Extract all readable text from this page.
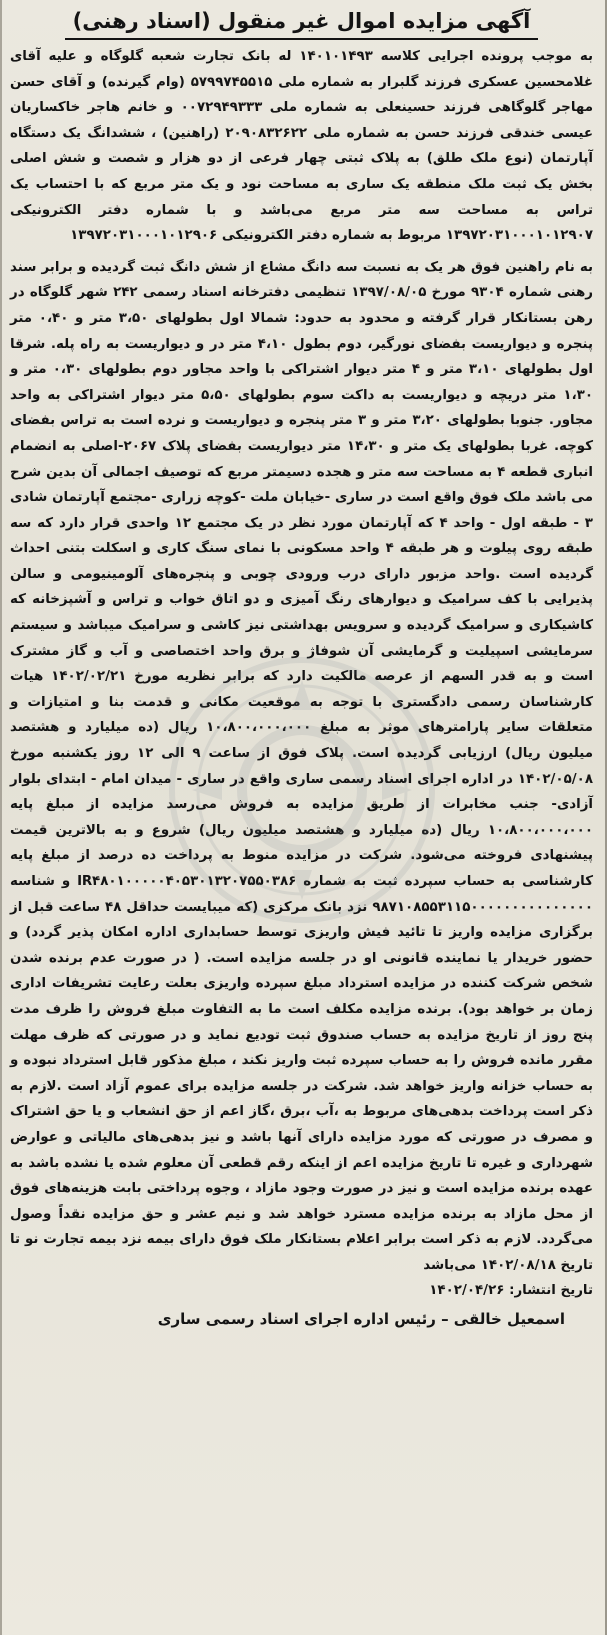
آگهی مزایده اموال غیر منقول (اسناد رهنی)

به موجب پرونده اجرایی کلاسه ۱۴۰۱۰۱۴۹۳ له بانک تجارت شعبه گلوگاه و علیه آقای غلامحسین عسکری فرزند گلبرار به شماره ملی ۵۷۹۹۷۴۵۵۱۵ (وام گیرنده) و آقای حسن مهاجر گلوگاهی فرزند حسینعلی به شماره ملی ۰۰۷۲۹۴۹۳۳۳ و خانم هاجر خاکساریان عیسی خندقی فرزند حسن به شماره ملی ۲۰۹۰۸۳۲۶۲۲ (راهنین) ، ششدانگ یک دستگاه آپارتمان (نوع ملک طلق) به پلاک ثبتی چهار فرعی از دو هزار و شصت و شش اصلی بخش یک ثبت ملک منطقه یک ساری به مساحت نود و یک متر مربع که با احتساب یک تراس به مساحت سه متر مربع می‌باشد و با شماره دفتر الکترونیکی ۱۳۹۷۲۰۳۱۰۰۰۱۰۱۲۹۰۷ مربوط به شماره دفتر الکترونیکی ۱۳۹۷۲۰۳۱۰۰۰۱۰۱۲۹۰۶

به نام راهنین فوق هر یک به نسبت سه دانگ مشاع از شش دانگ ثبت گردیده و برابر سند رهنی شماره ۹۳۰۴ مورخ ۱۳۹۷/۰۸/۰۵ تنظیمی دفترخانه اسناد رسمی ۲۴۲ شهر گلوگاه در رهن بستانکار قرار گرفته و محدود به حدود: شمالا اول بطولهای ۳،۵۰ متر و ۰،۴۰ متر پنجره و دیواریست بفضای نورگیر، دوم بطول ۴،۱۰ متر در و دیواریست به راه پله. شرقا اول بطولهای ۳،۱۰ متر و ۴ متر دیوار اشتراکی با واحد مجاور دوم بطولهای ۰،۳۰ متر و ۱،۳۰ متر دریچه و دیواریست به داکت سوم بطولهای ۵،۵۰ متر دیوار اشتراکی به واحد مجاور. جنوبا بطولهای ۳،۲۰ متر و ۳ متر پنجره و دیواریست و نرده است به تراس بفضای کوچه. غربا بطولهای یک متر و ۱۴،۳۰ متر دیواریست بفضای پلاک ۲۰۶۷-اصلی به انضمام انباری قطعه ۴ به مساحت سه متر و هجده دسیمتر مربع که توصیف اجمالی آن بدین شرح می باشد ملک فوق واقع است در ساری -خیابان ملت -کوچه زراری -مجتمع آپارتمان شادی ۳ - طبقه اول - واحد ۴ که آپارتمان مورد نظر در یک مجتمع ۱۲ واحدی قرار دارد که سه طبقه روی پیلوت و هر طبقه ۴ واحد مسکونی با نمای سنگ کاری و اسکلت بتنی احداث گردیده است .واحد مزبور دارای درب ورودی چوبی و پنجره‌های آلومینیومی و سالن پذیرایی با کف سرامیک و دیوارهای رنگ آمیزی و دو اتاق خواب و تراس و آشپزخانه که کاشیکاری و سرامیک گردیده و سرویس بهداشتی نیز کاشی و سرامیک میباشد و سیستم سرمایشی اسپیلیت و گرمایشی آن شوفاژ و برق واحد اختصاصی و آب و گاز مشترک است و به قدر السهم از عرصه مالکیت دارد که برابر نظریه مورخ ۱۴۰۲/۰۲/۲۱ هیات کارشناسان رسمی دادگستری با توجه به موقعیت مکانی و قدمت بنا و امتیازات و متعلقات سایر پارامترهای موثر به مبلغ ۱۰،۸۰۰،۰۰۰،۰۰۰ ریال (ده میلیارد و هشتصد میلیون ریال) ارزیابی گردیده است. پلاک فوق از ساعت ۹ الی ۱۲ روز یکشنبه مورخ ۱۴۰۲/۰۵/۰۸ در اداره اجرای اسناد رسمی ساری واقع در ساری - میدان امام - ابتدای بلوار آزادی- جنب مخابرات از طریق مزایده به فروش می‌رسد مزایده از مبلغ پایه ۱۰،۸۰۰،۰۰۰،۰۰۰ ریال (ده میلیارد و هشتصد میلیون ریال) شروع و به بالاترین قیمت پیشنهادی فروخته می‌شود. شرکت در مزایده منوط به پرداخت ده درصد از مبلغ پایه کارشناسی به حساب سپرده ثبت به شماره IR۴۸۰۱۰۰۰۰۰۴۰۵۳۰۱۳۲۰۷۵۵۰۳۸۶ و شناسه ۹۸۷۱۰۸۵۵۳۱۱۵۰۰۰۰۰۰۰۰۰۰۰۰۰۰۰ نزد بانک مرکزی (که میبایست حداقل ۴۸ ساعت قبل از برگزاری مزایده واریز تا تائید فیش واریزی توسط حسابداری اداره امکان پذیر گردد) و حضور خریدار یا نماینده قانونی او در جلسه مزایده است. ( در صورت عدم برنده شدن شخص شرکت کننده در مزایده استرداد مبلغ سپرده واریزی بعلت رعایت تشریفات اداری زمان بر خواهد بود). برنده مزایده مکلف است ما به التفاوت مبلغ فروش را ظرف مدت پنج روز از تاریخ مزایده به حساب صندوق ثبت تودیع نماید و در صورتی که ظرف مهلت مقرر مانده فروش را به حساب سپرده ثبت واریز نکند ، مبلغ مذکور قابل استرداد نبوده و به حساب خزانه واریز خواهد شد. شرکت در جلسه مزایده برای عموم آزاد است .لازم به ذکر است پرداخت بدهی‌های مربوط به ،آب ،برق ،گاز اعم از حق انشعاب و یا حق اشتراک و مصرف در صورتی که مورد مزایده دارای آنها باشد و نیز بدهی‌های مالیاتی و عوارض شهرداری و غیره تا تاریخ مزایده اعم از اینکه رقم قطعی آن معلوم شده یا نشده باشد به عهده برنده مزایده است و نیز در صورت وجود مازاد ، وجوه پرداختی بابت هزینه‌های فوق از محل مازاد به برنده مزایده مسترد خواهد شد و نیم عشر و حق مزایده نقداً وصول می‌گردد. لازم به ذکر است برابر اعلام بستانکار ملک فوق دارای بیمه نزد بیمه تجارت نو تا تاریخ ۱۴۰۲/۰۸/۱۸ می‌باشد

تاریخ انتشار: ۱۴۰۲/۰۴/۲۶

اسمعیل خالقی – رئیس اداره اجرای اسناد رسمی ساری
